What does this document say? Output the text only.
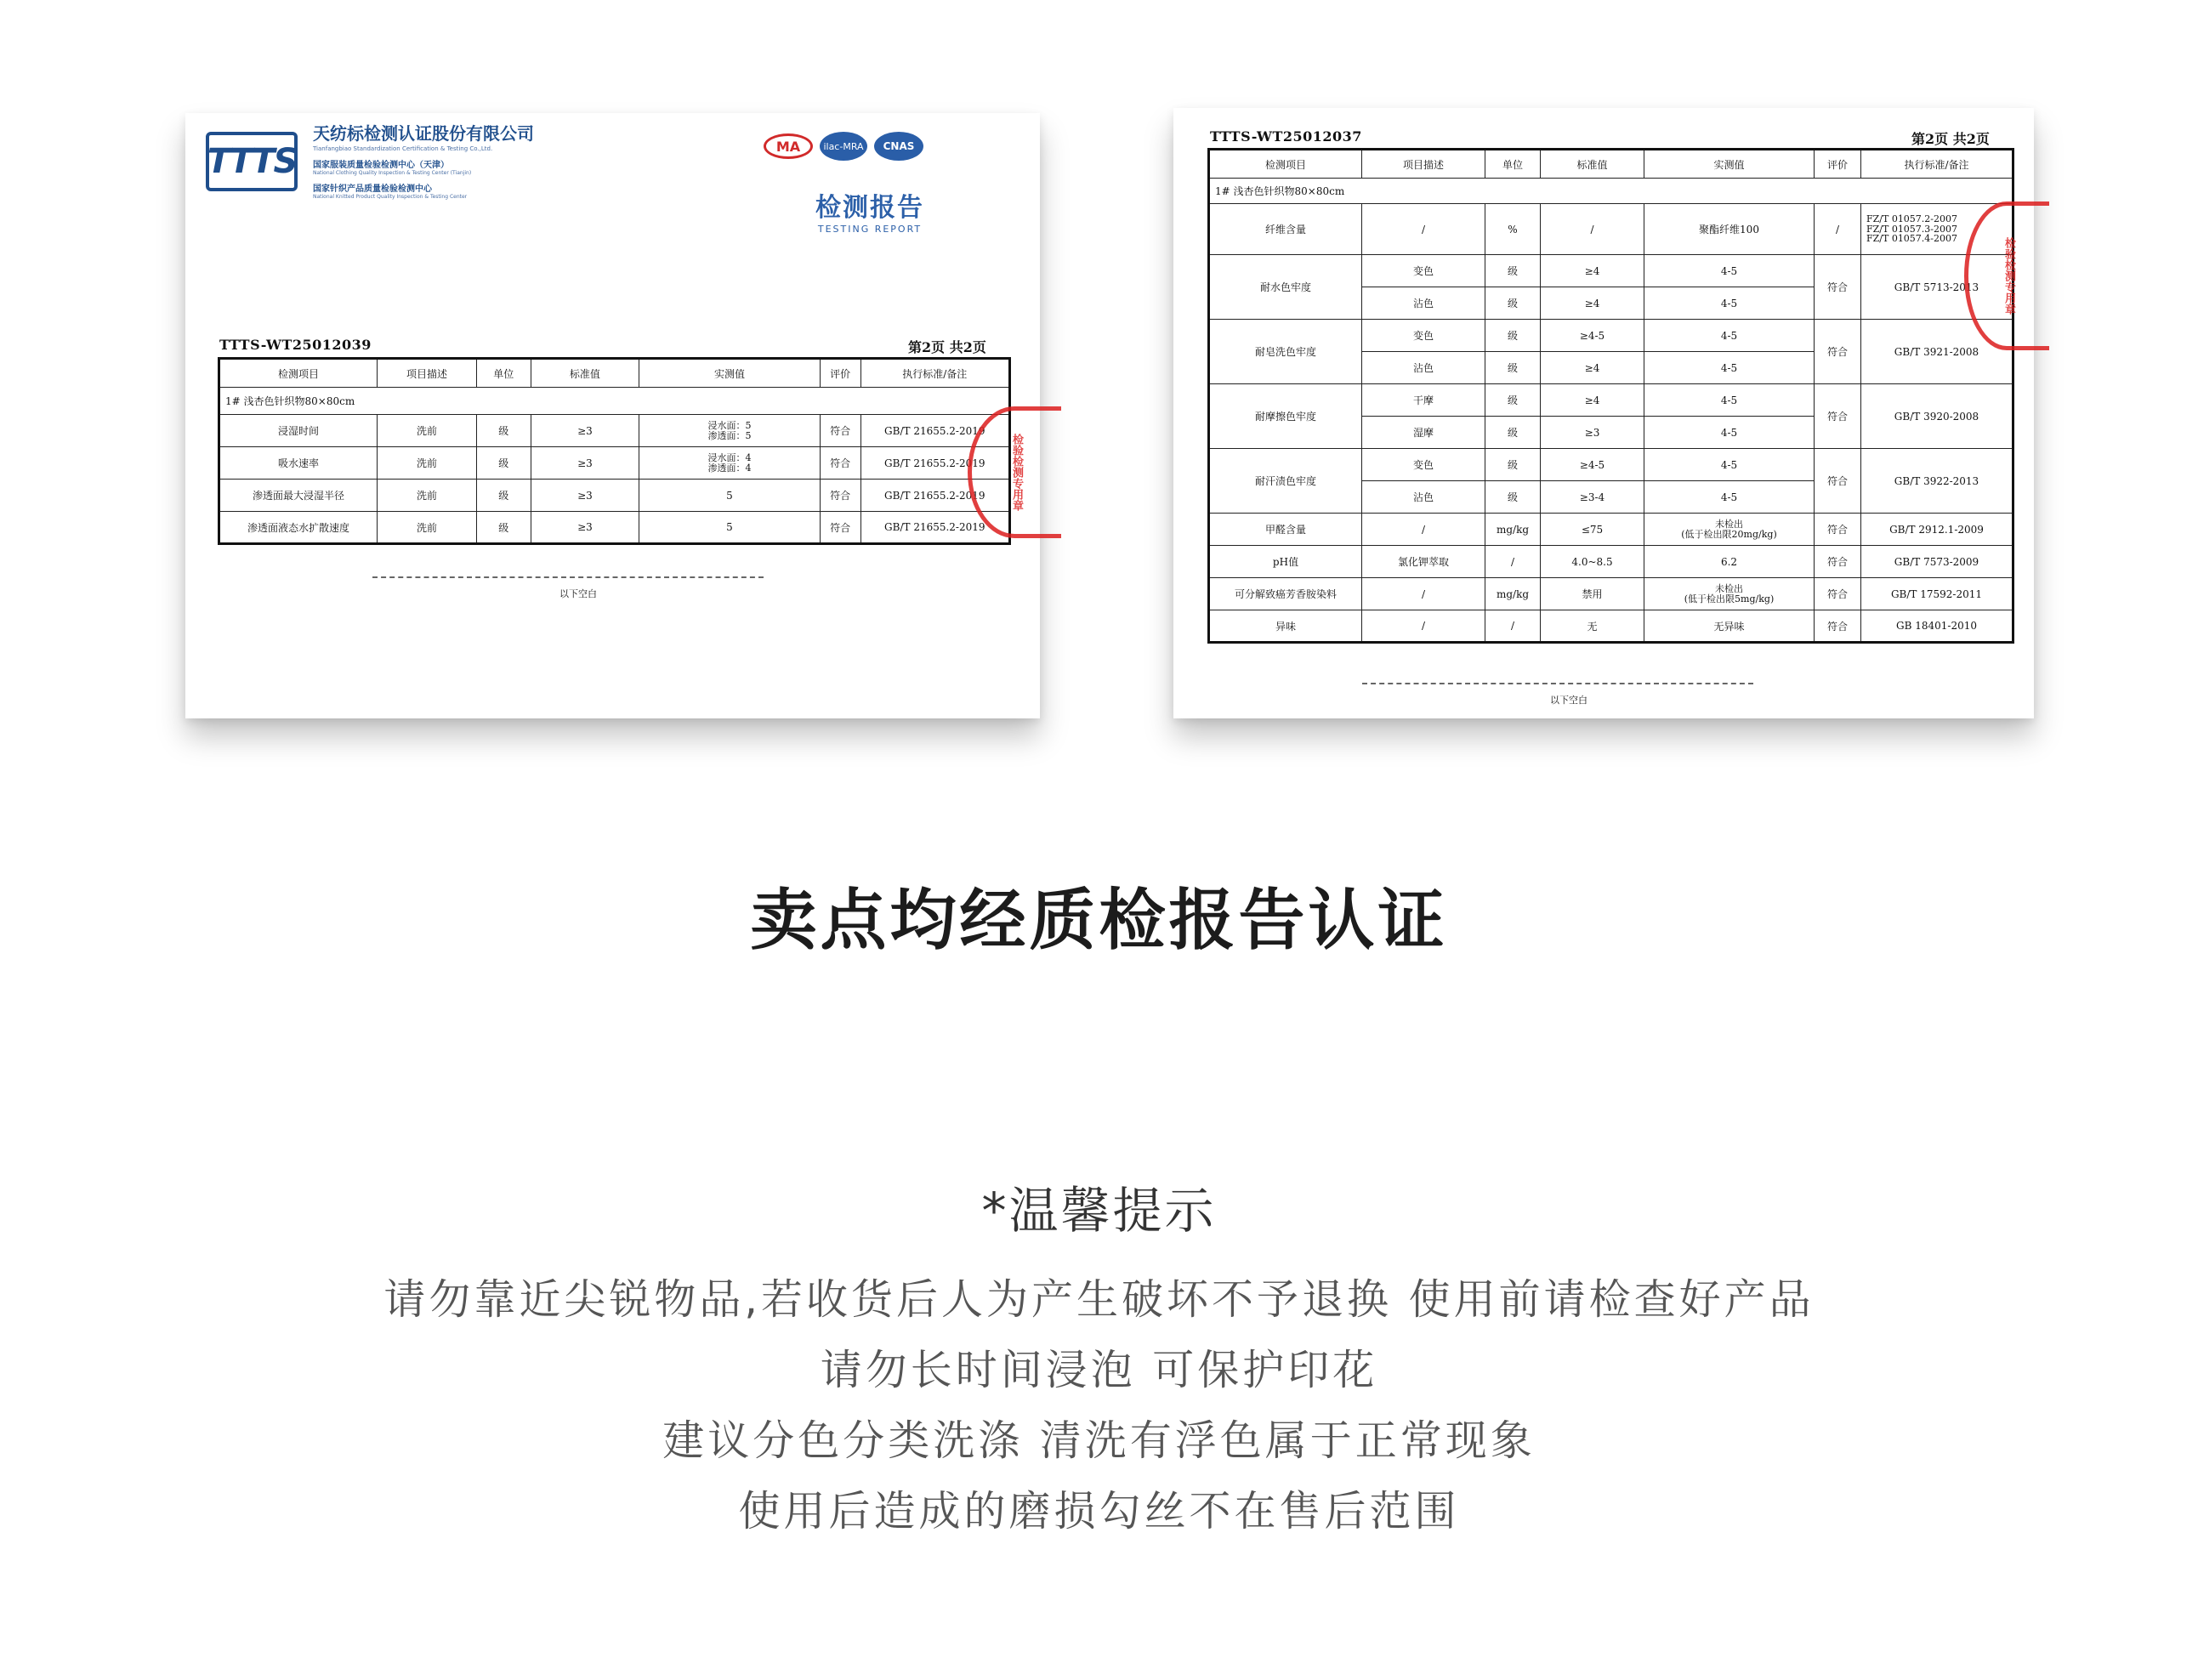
TTTS
天纺标检测认证股份有限公司
Tianfangbiao Standardization Certification & Testing Co.,Ltd.
国家服装质量检验检测中心（天津）
National Clothing Quality Inspection & Testing Center (Tianjin)
国家针织产品质量检验检测中心
National Knitted Product Quality Inspection & Testing Center
MA	ilac-MRA	CNAS
检测报告
TESTING REPORT
TTTS-WT25012039	第2页 共2页
检测项目	项目描述	单位	标准值	实测值	评价	执行标准/备注
1# 浅杏色针织物80×80cm						
浸湿时间	洗前	级	≥3	浸水面：5
渗透面：5	符合	GB/T 21655.2-2019
吸水速率	洗前	级	≥3	浸水面：4
渗透面：4	符合	GB/T 21655.2-2019
渗透面最大浸湿半径	洗前	级	≥3	5	符合	GB/T 21655.2-2019
渗透面液态水扩散速度	洗前	级	≥3	5	符合	GB/T 21655.2-2019
以下空白
检验检测专用章
TTTS-WT25012037	第2页 共2页
检测项目	项目描述	单位	标准值	实测值	评价	执行标准/备注
1# 浅杏色针织物80×80cm						
纤维含量	/	%	/	聚酯纤维100	/	FZ/T 01057.2-2007
FZ/T 01057.3-2007
FZ/T 01057.4-2007
耐水色牢度	变色	级	≥4	4-5	符合	GB/T 5713-2013
	沾色	级	≥4	4-5		
耐皂洗色牢度	变色	级	≥4-5	4-5	符合	GB/T 3921-2008
	沾色	级	≥4	4-5		
耐摩擦色牢度	干摩	级	≥4	4-5	符合	GB/T 3920-2008
	湿摩	级	≥3	4-5		
耐汗渍色牢度	变色	级	≥4-5	4-5	符合	GB/T 3922-2013
	沾色	级	≥3-4	4-5		
甲醛含量	/	mg/kg	≤75	未检出
(低于检出限20mg/kg)	符合	GB/T 2912.1-2009
pH值	氯化钾萃取	/	4.0~8.5	6.2	符合	GB/T 7573-2009
可分解致癌芳香胺染料	/	mg/kg	禁用	未检出
(低于检出限5mg/kg)	符合	GB/T 17592-2011
异味	/	/	无	无异味	符合	GB 18401-2010
以下空白
检验检测专用章
卖点均经质检报告认证
*温馨提示
请勿靠近尖锐物品,若收货后人为产生破坏不予退换 使用前请检查好产品
请勿长时间浸泡 可保护印花
建议分色分类洗涤 清洗有浮色属于正常现象
使用后造成的磨损勾丝不在售后范围
